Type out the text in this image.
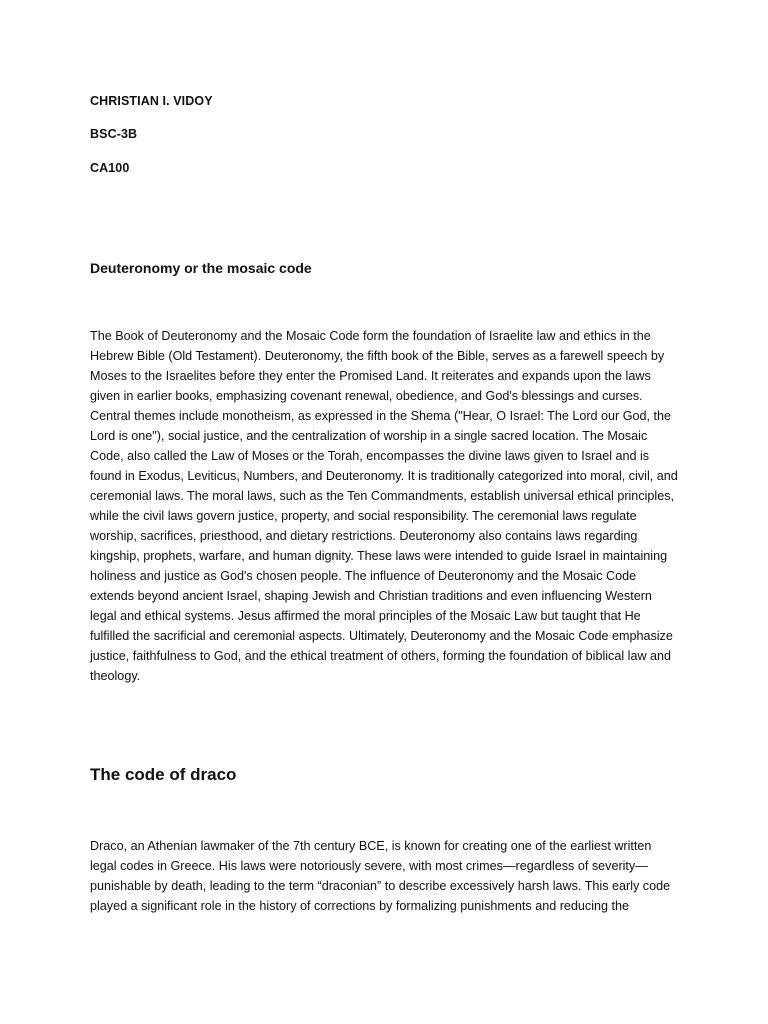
CHRISTIAN I. VIDOY
BSC-3B
CA100
Deuteronomy or the mosaic code

The Book of Deuteronomy and the Mosaic Code form the foundation of Israelite law and ethics in the Hebrew Bible (Old Testament). Deuteronomy, the fifth book of the Bible, serves as a farewell speech by Moses to the Israelites before they enter the Promised Land. It reiterates and expands upon the laws given in earlier books, emphasizing covenant renewal, obedience, and God's blessings and curses. Central themes include monotheism, as expressed in the Shema ("Hear, O Israel: The Lord our God, the Lord is one"), social justice, and the centralization of worship in a single sacred location. The Mosaic Code, also called the Law of Moses or the Torah, encompasses the divine laws given to Israel and is found in Exodus, Leviticus, Numbers, and Deuteronomy. It is traditionally categorized into moral, civil, and ceremonial laws. The moral laws, such as the Ten Commandments, establish universal ethical principles, while the civil laws govern justice, property, and social responsibility. The ceremonial laws regulate worship, sacrifices, priesthood, and dietary restrictions. Deuteronomy also contains laws regarding kingship, prophets, warfare, and human dignity. These laws were intended to guide Israel in maintaining holiness and justice as God's chosen people. The influence of Deuteronomy and the Mosaic Code extends beyond ancient Israel, shaping Jewish and Christian traditions and even influencing Western legal and ethical systems. Jesus affirmed the moral principles of the Mosaic Law but taught that He fulfilled the sacrificial and ceremonial aspects. Ultimately, Deuteronomy and the Mosaic Code emphasize justice, faithfulness to God, and the ethical treatment of others, forming the foundation of biblical law and theology.

The code of draco

Draco, an Athenian lawmaker of the 7th century BCE, is known for creating one of the earliest written legal codes in Greece. His laws were notoriously severe, with most crimes—regardless of severity—punishable by death, leading to the term “draconian” to describe excessively harsh laws. This early code played a significant role in the history of corrections by formalizing punishments and reducing the
